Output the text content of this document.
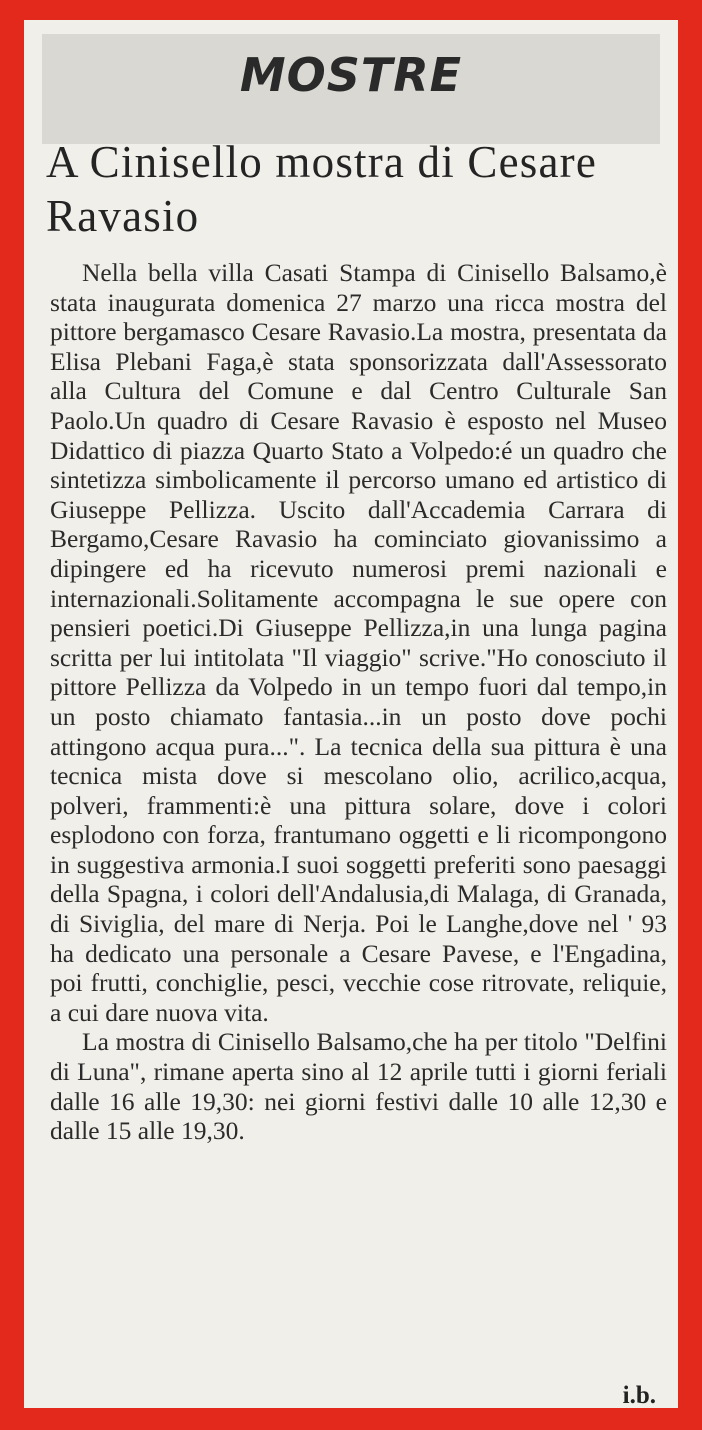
MOSTRE
A Cinisello mostra di Cesare Ravasio

Nella bella villa Casati Stampa di Cinisello Balsamo,è stata inaugurata domenica 27 marzo una ricca mostra del pittore bergamasco Cesare Ravasio.La mostra, presentata da Elisa Plebani Faga,è stata sponsorizzata dall'Assessorato alla Cultura del Comune e dal Centro Culturale San Paolo.Un quadro di Cesare Ravasio è esposto nel Museo Didattico di piazza Quarto Stato a Volpedo:é un quadro che sintetizza simbolicamente il percorso umano ed artistico di Giuseppe Pellizza. Uscito dall'Accademia Carrara di Bergamo,Cesare Ravasio ha cominciato giovanissimo a dipingere ed ha ricevuto numerosi premi nazionali e internazionali.Solitamente accompagna le sue opere con pensieri poetici.Di Giuseppe Pellizza,in una lunga pagina scritta per lui intitolata "Il viaggio" scrive."Ho conosciuto il pittore Pellizza da Volpedo in un tempo fuori dal tempo,in un posto chiamato fantasia...in un posto dove pochi attingono acqua pura...". La tecnica della sua pittura è una tecnica mista dove si mescolano olio, acrilico,acqua, polveri, frammenti:è una pittura solare, dove i colori esplodono con forza, frantumano oggetti e li ricompongono in suggestiva armonia.I suoi soggetti preferiti sono paesaggi della Spagna, i colori dell'Andalusia,di Malaga, di Granada, di Siviglia, del mare di Nerja. Poi le Langhe,dove nel ' 93 ha dedicato una personale a Cesare Pavese, e l'Engadina, poi frutti, conchiglie, pesci, vecchie cose ritrovate, reliquie, a cui dare nuova vita.

La mostra di Cinisello Balsamo,che ha per titolo "Delfini di Luna", rimane aperta sino al 12 aprile tutti i giorni feriali dalle 16 alle 19,30: nei giorni festivi dalle 10 alle 12,30 e dalle 15 alle 19,30.

i.b.
